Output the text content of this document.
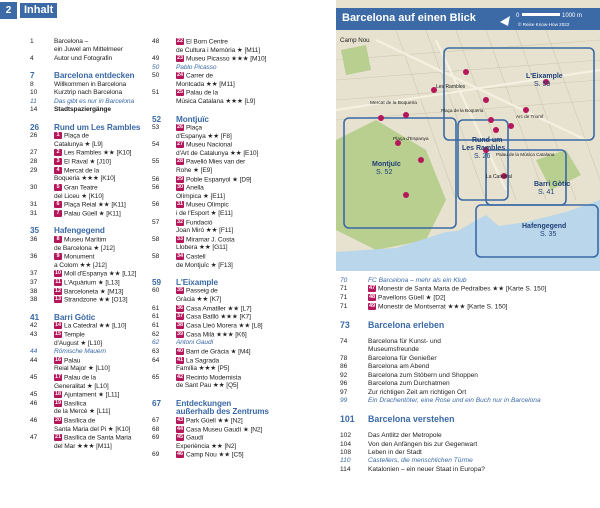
2	Inhalt
1	Barcelona –
ein Juwel am Mittelmeer
4	Autor und Fotografin
7	Barcelona entdecken
8	Willkommen in Barcelona
10	Kurztrip nach Barcelona
11	Das gibt es nur in Barcelona
14	Stadtspaziergänge
26	Rund um Les Rambles
26	1 Plaça de
Catalunya ★ [L9]
27	2 Les Rambles ★★ [K10]
28	3 El Raval ★ [J10]
29	4 Mercat de la
Boqueria ★★★ [K10]
30	5 Gran Teatre
del Liceu ★ [K10]
31	6 Plaça Reial ★★ [K11]
31	7 Palau Güell ★ [K11]
35	Hafengegend
36	8 Museu Marítim
de Barcelona ★ [J12]
36	9 Monument
a Colom ★★ [J12]
37	10 Moll d'Espanya ★★ [L12]
37	11 L'Aquàrium ★ [L13]
38	12 Barceloneta ★ [M13]
38	13 Strandzone ★★ [O13]
41	Barri Gòtic
42	14 La Catedral ★★ [L10]
43	15 Temple
d'August ★ [L10]
44	Römische Mauern
44	16 Palau
Reial Major ★ [L10]
45	17 Palau de la
Generalitat ★ [L10]
45	18 Ajuntament ★ [L11]
46	19 Basílica
de la Mercè ★ [L11]
46	20 Basílica de
Santa Maria del Pi ★ [K10]
47	21 Basílica de Santa Maria
del Mar ★★★ [M11]
48	22 El Born Centre
de Cultura i Memòria ★ [M11]
49	23 Museu Picasso ★★★ [M10]
50	Pablo Picasso
50	24 Carrer de
Montcada ★★ [M11]
51	25 Palau de la
Música Catalana ★★★ [L9]
52	Montjuïc
53	26 Plaça
d'Espanya ★★ [F8]
54	27 Museu Nacional
d'Art de Catalunya ★★ [E10]
55	28 Pavelló Mies van der
Rohe ★ [E9]
56	29 Poble Espanyol ★ [D9]
56	30 Anella
Olímpica ★ [E11]
56	31 Museu Olímpic
i de l'Esport ★ [E11]
57	32 Fundació
Joan Miró ★★ [F11]
58	33 Miramar J. Costa
Llobera ★★ [G11]
58	34 Castell
de Montjuïc ★ [F13]
59	L'Eixample
60	35 Passeig de
Gràcia ★★ [K7]
61	36 Casa Amatller ★★ [L7]
61	37 Casa Batlló ★★★ [K7]
61	38 Casa Lleó Morera ★★ [L8]
62	39 Casa Milà ★★★ [K6]
62	Antoni Gaudí
63	40 Barri de Gràcia ★ [M4]
64	41 La Sagrada
Família ★★★ [P5]
65	42 Recinto Modernista
de Sant Pau ★★ [Q5]
67	Entdeckungen
außerhalb des Zentrums
67	43 Park Güell ★★ [N2]
68	44 Casa Museu Gaudí ★ [N2]
69	45 Gaudí
Experiència ★★ [N2]
69	46 Camp Nou ★★ [C5]
Camp Nou
Les Rambles
Mercat de la Boqueria
Plaça d'Espanya
La Catedral
Palau de la Música Catalana
Arc de Triomf
Plaça de la Boqueria
L'Eixample
S. 59
Rund um
Les Rambles
S. 26
Montjuïc
S. 52
Barri Gòtic
S. 41
Hafengegend
S. 35
Barcelona auf einen Blick	0	1000 m
© Reise Know-How 2022
70	FC Barcelona – mehr als ein Klub
71	47 Monestir de Santa Maria de Pedralbes ★★ [Karte S. 150]
71	48 Pavellons Güell ★ [D2]
71	49 Monestir de Montserrat ★★★ [Karte S. 150]
73	Barcelona erleben
74	Barcelona für Kunst- und
Museumsfreunde
78	Barcelona für Genießer
86	Barcelona am Abend
92	Barcelona zum Stöbern und Shoppen
96	Barcelona zum Durchatmen
97	Zur richtigen Zeit am richtigen Ort
99	Ein Drachentöter, eine Rose und ein Buch nur in Barcelona
101	Barcelona verstehen
102	Das Antlitz der Metropole
104	Von den Anfängen bis zur Gegenwart
108	Leben in der Stadt
110	Castellers, die menschlichen Türme
114	Katalonien – ein neuer Staat in Europa?
